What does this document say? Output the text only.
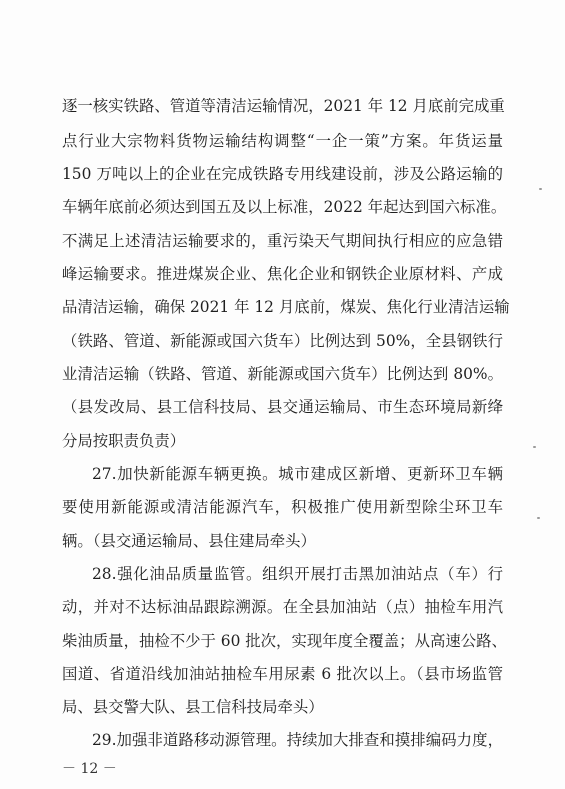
逐一核实铁路、管道等清洁运输情况，2021 年 12 月底前完成重
点行业大宗物料货物运输结构调整“一企一策”方案。年货运量
150 万吨以上的企业在完成铁路专用线建设前，涉及公路运输的
车辆年底前必须达到国五及以上标准，2022 年起达到国六标准。
不满足上述清洁运输要求的，重污染天气期间执行相应的应急错
峰运输要求。推进煤炭企业、焦化企业和钢铁企业原材料、产成
品清洁运输，确保 2021 年 12 月底前，煤炭、焦化行业清洁运输
（铁路、管道、新能源或国六货车）比例达到 50%，全县钢铁行
业清洁运输（铁路、管道、新能源或国六货车）比例达到 80%。
（县发改局、县工信科技局、县交通运输局、市生态环境局新绛
分局按职责负责）
27.加快新能源车辆更换。城市建成区新增、更新环卫车辆
要使用新能源或清洁能源汽车，积极推广使用新型除尘环卫车
辆。（县交通运输局、县住建局牵头）
28.强化油品质量监管。组织开展打击黑加油站点（车）行
动，并对不达标油品跟踪溯源。在全县加油站（点）抽检车用汽
柴油质量，抽检不少于 60 批次，实现年度全覆盖；从高速公路、
国道、省道沿线加油站抽检车用尿素 6 批次以上。（县市场监管
局、县交警大队、县工信科技局牵头）
29.加强非道路移动源管理。持续加大排查和摸排编码力度，
－ 12 －
